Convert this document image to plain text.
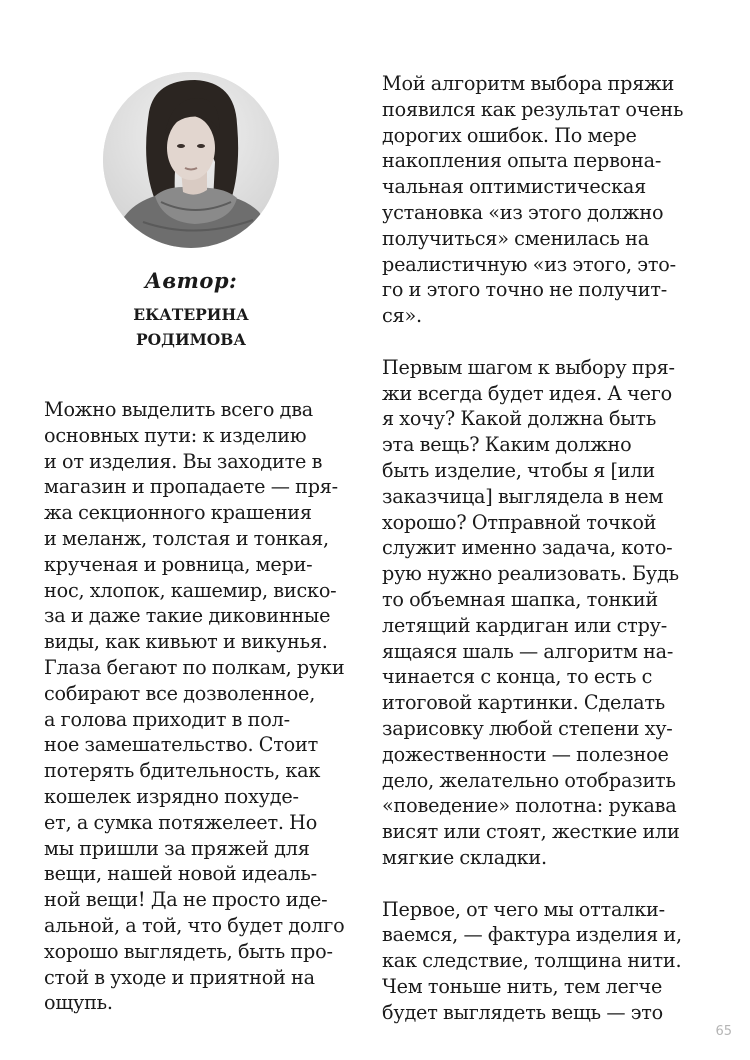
Автор:
ЕКАТЕРИНА
РОДИМОВА
Можно выделить всего два
основных пути: к изделию
и от изделия. Вы заходите в
магазин и пропадаете — пря-
жа секционного крашения
и меланж, толстая и тонкая,
крученая и ровница, мери-
нос, хлопок, кашемир, виско-
за и даже такие диковинные
виды, как кивьют и викунья.
Глаза бегают по полкам, руки
собирают все дозволенное,
а голова приходит в пол-
ное замешательство. Стоит
потерять бдительность, как
кошелек изрядно похуде-
ет, а сумка потяжелеет. Но
мы пришли за пряжей для
вещи, нашей новой идеаль-
ной вещи! Да не просто иде-
альной, а той, что будет долго
хорошо выглядеть, быть про-
стой в уходе и приятной на
ощупь.
Мой алгоритм выбора пряжи
появился как результат очень
дорогих ошибок. По мере
накопления опыта первона-
чальная оптимистическая
установка «из этого должно
получиться» сменилась на
реалистичную «из этого, это-
го и этого точно не получит-
ся».
Первым шагом к выбору пря-
жи всегда будет идея. А чего
я хочу? Какой должна быть
эта вещь? Каким должно
быть изделие, чтобы я [или
заказчица] выглядела в нем
хорошо? Отправной точкой
служит именно задача, кото-
рую нужно реализовать. Будь
то объемная шапка, тонкий
летящий кардиган или стру-
ящаяся шаль — алгоритм на-
чинается с конца, то есть с
итоговой картинки. Сделать
зарисовку любой степени ху-
дожественности — полезное
дело, желательно отобразить
«поведение» полотна: рукава
висят или стоят, жесткие или
мягкие складки.
Первое, от чего мы отталки-
ваемся, — фактура изделия и,
как следствие, толщина нити.
Чем тоньше нить, тем легче
будет выглядеть вещь — это
65
